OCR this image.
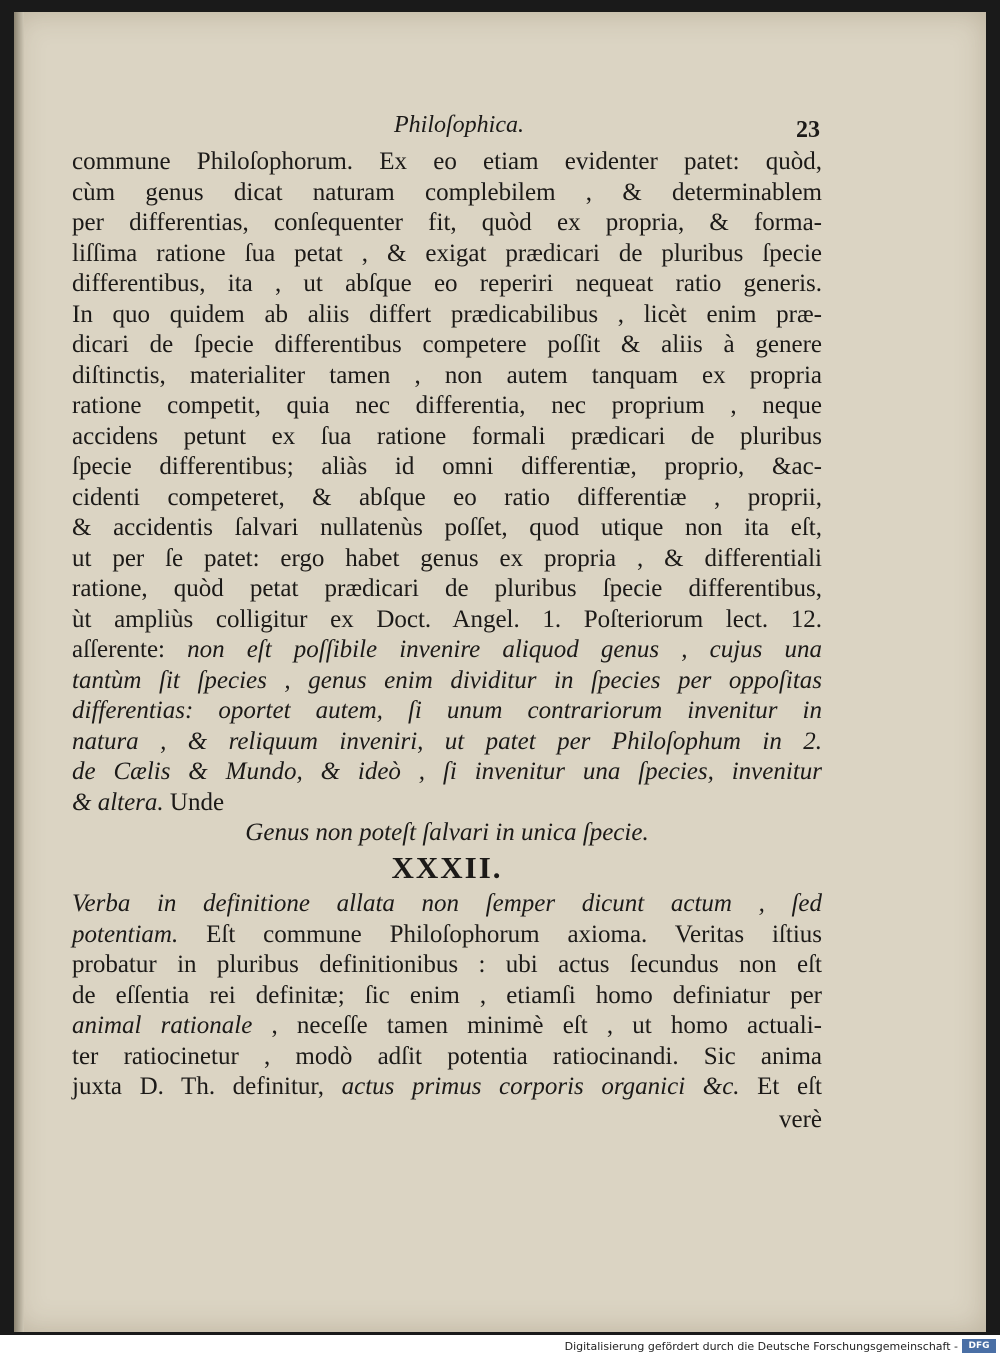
Philoſophica.	23
commune Philoſophorum. Ex eo etiam evidenter patet: quòd,
cùm genus dicat naturam complebilem , & determinablem
per differentias, conſequenter fit, quòd ex propria, & forma-
liſſima ratione ſua petat , & exigat prædicari de pluribus ſpecie
differentibus, ita , ut abſque eo reperiri nequeat ratio generis.
In quo quidem ab aliis differt prædicabilibus , licèt enim præ-
dicari de ſpecie differentibus competere poſſit & aliis à genere
diſtinctis, materialiter tamen , non autem tanquam ex propria
ratione competit, quia nec differentia, nec proprium , neque
accidens petunt ex ſua ratione formali prædicari de pluribus
ſpecie differentibus; aliàs id omni differentiæ, proprio, &ac-
cidenti competeret, & abſque eo ratio differentiæ , proprii,
& accidentis ſalvari nullatenùs poſſet, quod utique non ita eſt,
ut per ſe patet: ergo habet genus ex propria , & differentiali
ratione, quòd petat prædicari de pluribus ſpecie differentibus,
ùt ampliùs colligitur ex Doct. Angel. 1. Poſteriorum lect. 12.
aſſerente: non eſt poſſibile invenire aliquod genus , cujus una
tantùm ſit ſpecies , genus enim dividitur in ſpecies per oppoſitas
differentias: oportet autem, ſi unum contrariorum invenitur in
natura , & reliquum inveniri, ut patet per Philoſophum in 2.
de Cælis & Mundo, & ideò , ſi invenitur una ſpecies, invenitur
& altera. Unde
Genus non poteſt ſalvari in unica ſpecie.
XXXII.
Verba in definitione allata non ſemper dicunt actum , ſed
potentiam. Eſt commune Philoſophorum axioma. Veritas iſtius
probatur in pluribus definitionibus : ubi actus ſecundus non eſt
de eſſentia rei definitæ; ſic enim , etiamſi homo definiatur per
animal rationale , neceſſe tamen minimè eſt , ut homo actuali-
ter ratiocinetur , modò adſit potentia ratiocinandi. Sic anima
juxta D. Th. definitur, actus primus corporis organici &c. Et eſt
verè
Digitalisierung gefördert durch die Deutsche Forschungsgemeinschaft -	DFG
